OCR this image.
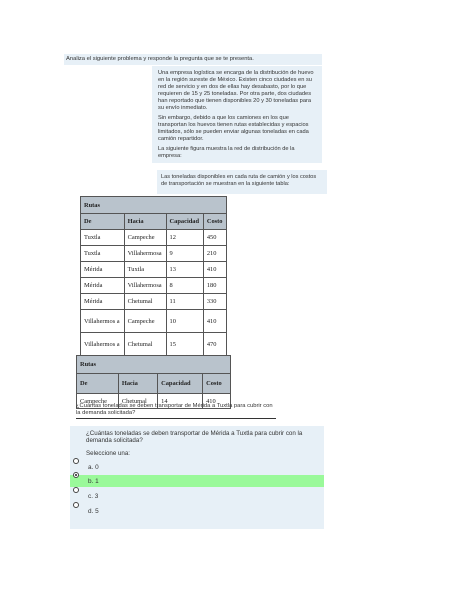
Analiza el siguiente problema y responde la pregunta que se te presenta.

Una empresa logística se encarga de la distribución de huevo en la región sureste de México. Existen cinco ciudades en su red de servicio y en dos de ellas hay desabasto, por lo que requieren de 15 y 25 toneladas. Por otra parte, dos ciudades han reportado que tienen disponibles 20 y 30 toneladas para su envío inmediato.

Sin embargo, debido a que los camiones en los que transportan los huevos tienen rutas establecidas y espacios limitados, sólo se pueden enviar algunas toneladas en cada camión repartidor.

La siguiente figura muestra la red de distribución de la empresa:

Las toneladas disponibles en cada ruta de camión y los costos de transportación se muestran en la siguiente tabla:
Rutas			
De	Hacia	Capacidad	Costo
Tuxtla	Campeche	12	450
Tuxtla	Villahermosa	9	210
Mérida	Tuxtla	13	410
Mérida	Villahermosa	8	180
Mérida	Chetumal	11	330
Villahermos a	Campeche	10	410
Villahermos a	Chetumal	15	470
Rutas			
De	Hacia	Capacidad	Costo
Campeche	Chetumal	14	410
¿Cuántas toneladas se deben transportar de Mérida a Tuxtla para cubrir con la demanda solicitada?
¿Cuántas toneladas se deben transportar de Mérida a Tuxtla para cubrir con la demanda solicitada?
Seleccione una:
a. 0
b. 1
c. 3
d. 5
